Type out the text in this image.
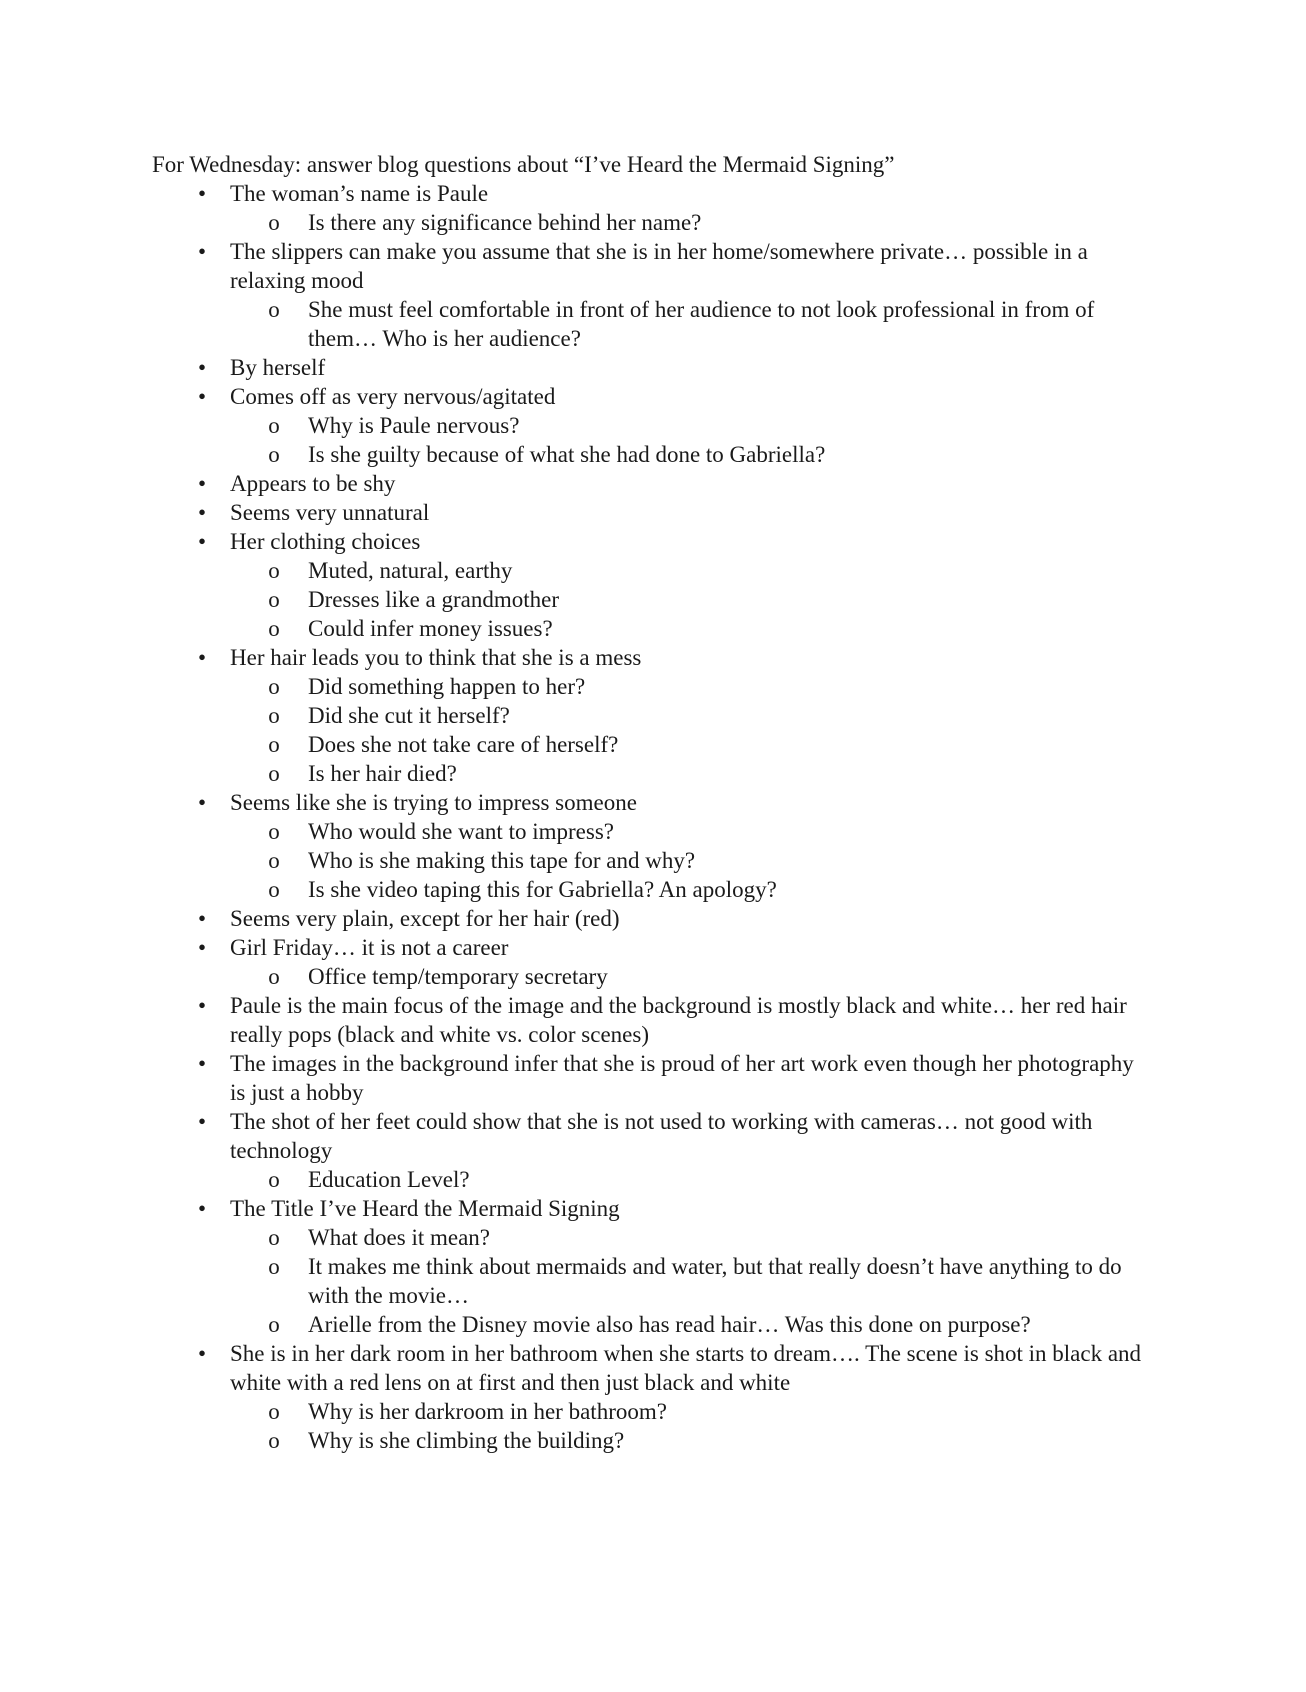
For Wednesday: answer blog questions about “I’ve Heard the Mermaid Signing”

• The woman’s name is Paule
o Is there any significance behind her name?
• The slippers can make you assume that she is in her home/somewhere private… possible in a relaxing mood
o She must feel comfortable in front of her audience to not look professional in from of them… Who is her audience?
• By herself
• Comes off as very nervous/agitated
o Why is Paule nervous?
o Is she guilty because of what she had done to Gabriella?
• Appears to be shy
• Seems very unnatural
• Her clothing choices
o Muted, natural, earthy
o Dresses like a grandmother
o Could infer money issues?
• Her hair leads you to think that she is a mess
o Did something happen to her?
o Did she cut it herself?
o Does she not take care of herself?
o Is her hair died?
• Seems like she is trying to impress someone
o Who would she want to impress?
o Who is she making this tape for and why?
o Is she video taping this for Gabriella? An apology?
• Seems very plain, except for her hair (red)
• Girl Friday… it is not a career
o Office temp/temporary secretary
• Paule is the main focus of the image and the background is mostly black and white… her red hair really pops (black and white vs. color scenes)
• The images in the background infer that she is proud of her art work even though her photography is just a hobby
• The shot of her feet could show that she is not used to working with cameras… not good with technology
o Education Level?
• The Title I’ve Heard the Mermaid Signing
o What does it mean?
o It makes me think about mermaids and water, but that really doesn’t have anything to do with the movie…
o Arielle from the Disney movie also has read hair… Was this done on purpose?
• She is in her dark room in her bathroom when she starts to dream…. The scene is shot in black and white with a red lens on at first and then just black and white
o Why is her darkroom in her bathroom?
o Why is she climbing the building?
